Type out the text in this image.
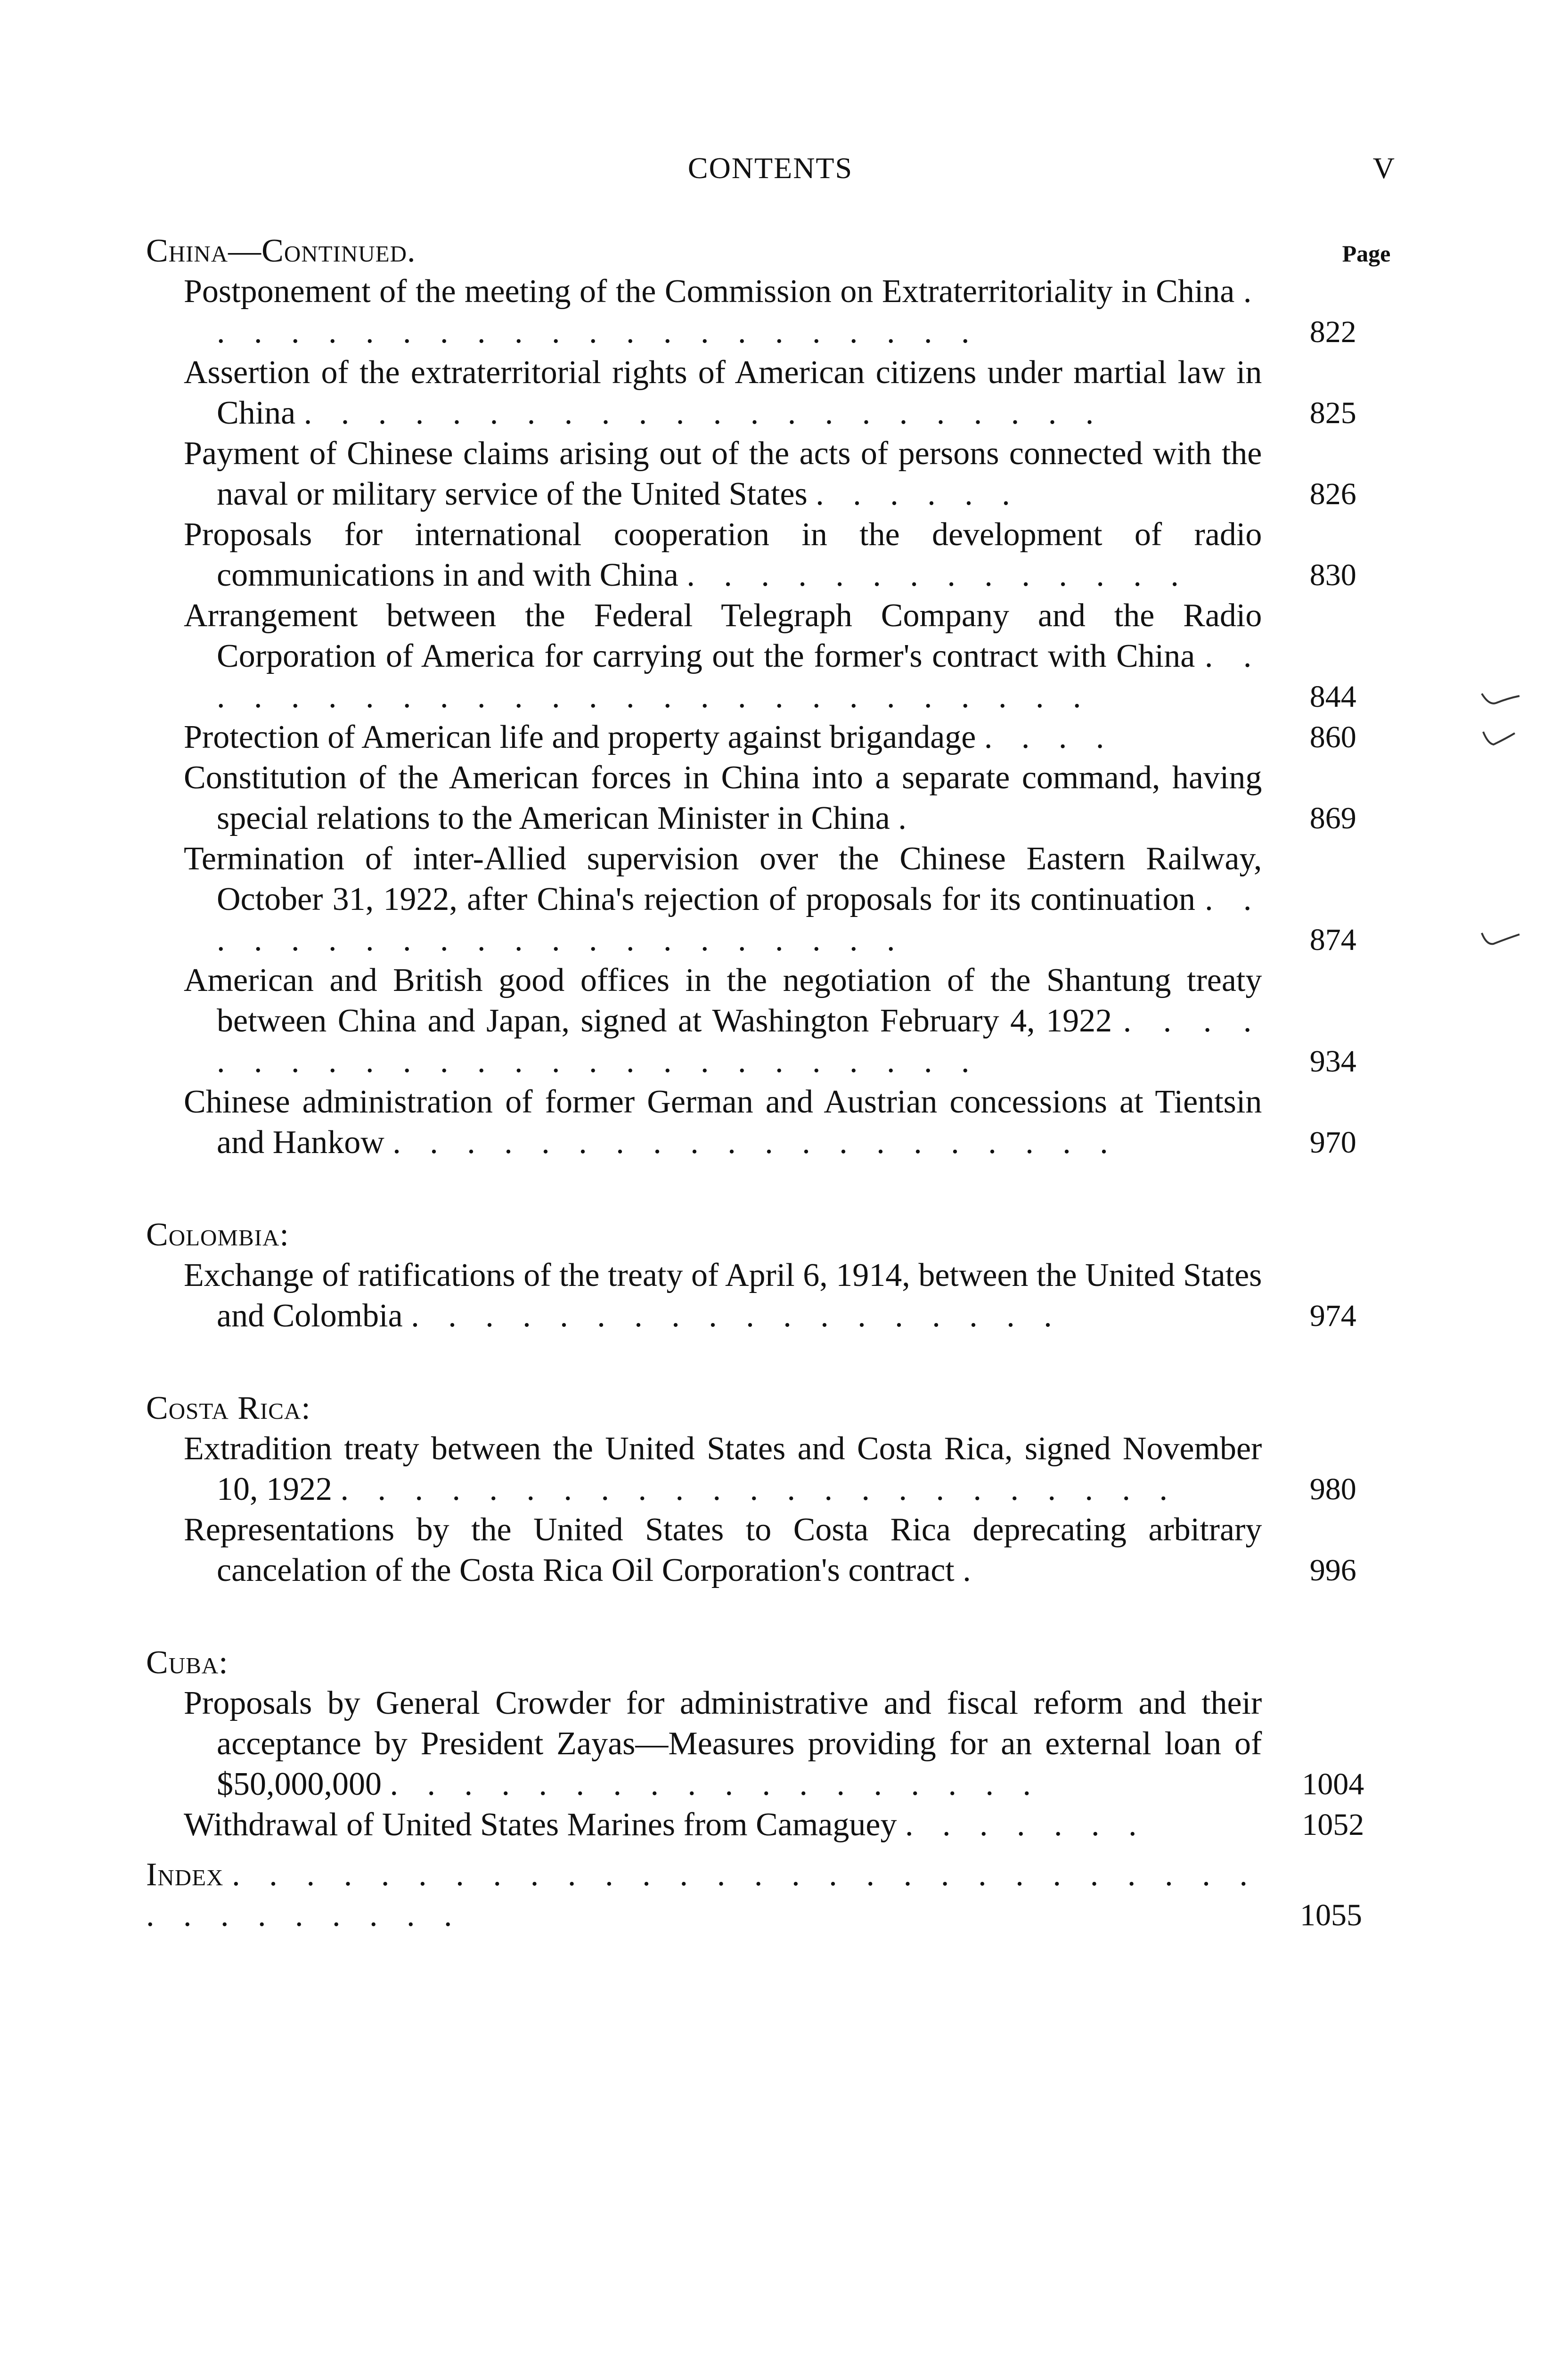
CONTENTS	V
China—Continued.	Page
Postponement of the meeting of the Commission on Extraterritoriality in China . . . . . . . . . . . . . . . . . . . . . .	822
Assertion of the extraterritorial rights of American citizens under martial law in China . . . . . . . . . . . . . . . . . . . . . .	825
Payment of Chinese claims arising out of the acts of persons connected with the naval or military service of the United States . . . . . .	826
Proposals for international cooperation in the development of radio communications in and with China . . . . . . . . . . . . . .	830
Arrangement between the Federal Telegraph Company and the Radio Corporation of America for carrying out the former's contract with China . . . . . . . . . . . . . . . . . . . . . . . . . .	844
Protection of American life and property against brigandage . . . .	860
Constitution of the American forces in China into a separate command, having special relations to the American Minister in China .	869
Termination of inter-Allied supervision over the Chinese Eastern Railway, October 31, 1922, after China's rejection of proposals for its continuation . . . . . . . . . . . . . . . . . . . . .	874
American and British good offices in the negotiation of the Shantung treaty between China and Japan, signed at Washington February 4, 1922 . . . . . . . . . . . . . . . . . . . . . . . . .	934
Chinese administration of former German and Austrian concessions at Tientsin and Hankow . . . . . . . . . . . . . . . . . . . .	970
Colombia:
Exchange of ratifications of the treaty of April 6, 1914, between the United States and Colombia . . . . . . . . . . . . . . . . . .	974
Costa Rica:
Extradition treaty between the United States and Costa Rica, signed November 10, 1922 . . . . . . . . . . . . . . . . . . . . . . .	980
Representations by the United States to Costa Rica deprecating arbitrary cancelation of the Costa Rica Oil Corporation's contract .	996
Cuba:
Proposals by General Crowder for administrative and fiscal reform and their acceptance by President Zayas—Measures providing for an external loan of $50,000,000 . . . . . . . . . . . . . . . . . .	1004
Withdrawal of United States Marines from Camaguey . . . . . . .	1052
Index . . . . . . . . . . . . . . . . . . . . . . . . . . . . . . . . . . . . .	1055
